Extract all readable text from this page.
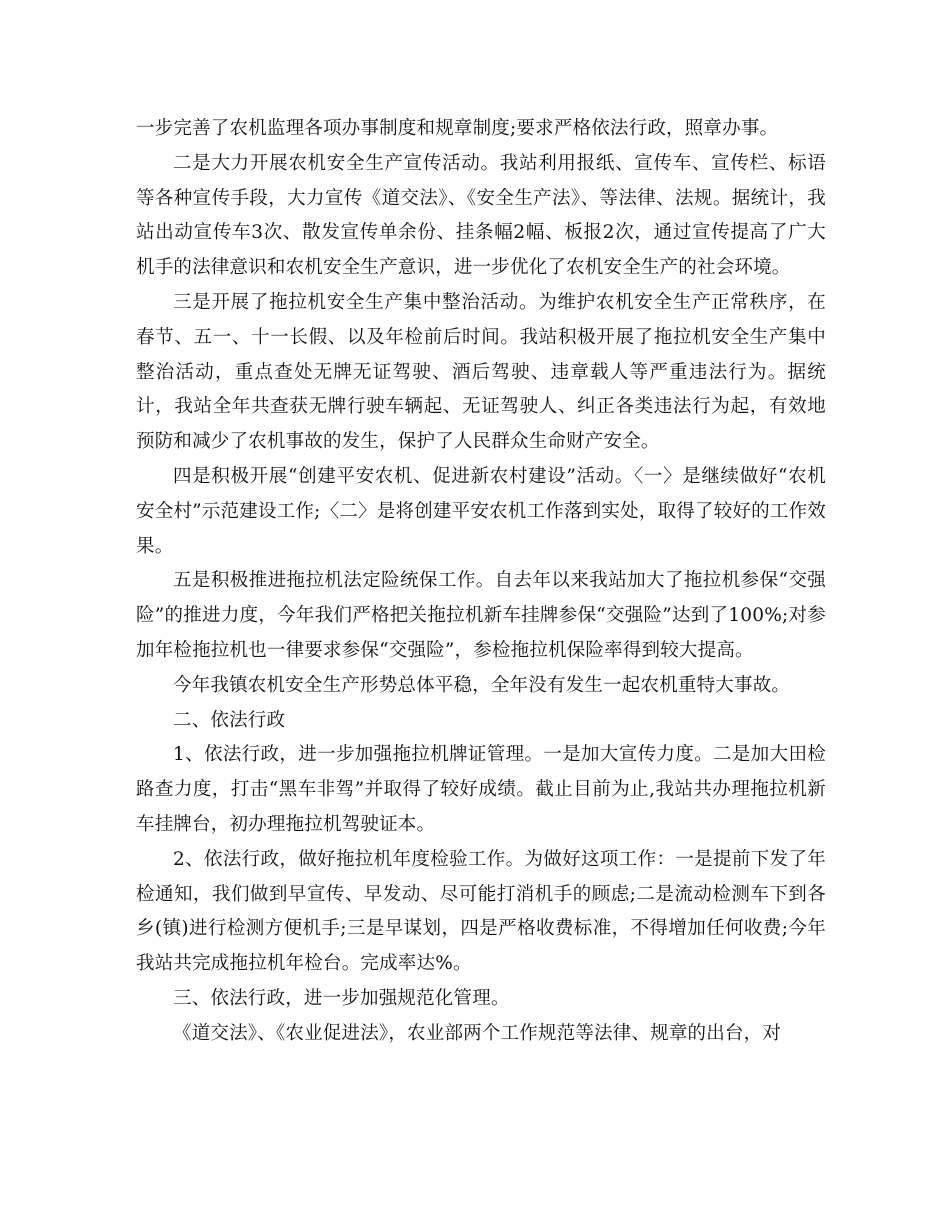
一步完善了农机监理各项办事制度和规章制度;要求严格依法行政，照章办事。

二是大力开展农机安全生产宣传活动。我站利用报纸、宣传车、宣传栏、标语等各种宣传手段，大力宣传《道交法》、《安全生产法》、等法律、法规。据统计，我站出动宣传车3次、散发宣传单余份、挂条幅2幅、板报2次，通过宣传提高了广大机手的法律意识和农机安全生产意识，进一步优化了农机安全生产的社会环境。

三是开展了拖拉机安全生产集中整治活动。为维护农机安全生产正常秩序，在春节、五一、十一长假、以及年检前后时间。我站积极开展了拖拉机安全生产集中整治活动，重点查处无牌无证驾驶、酒后驾驶、违章载人等严重违法行为。据统计，我站全年共查获无牌行驶车辆起、无证驾驶人、纠正各类违法行为起，有效地预防和减少了农机事故的发生，保护了人民群众生命财产安全。

四是积极开展“创建平安农机、促进新农村建设”活动。〈一〉是继续做好“农机安全村”示范建设工作;〈二〉是将创建平安农机工作落到实处，取得了较好的工作效果。

五是积极推进拖拉机法定险统保工作。自去年以来我站加大了拖拉机参保“交强险”的推进力度，今年我们严格把关拖拉机新车挂牌参保“交强险”达到了100%;对参加年检拖拉机也一律要求参保“交强险”，参检拖拉机保险率得到较大提高。

今年我镇农机安全生产形势总体平稳，全年没有发生一起农机重特大事故。

二、依法行政

1、依法行政，进一步加强拖拉机牌证管理。一是加大宣传力度。二是加大田检路查力度，打击“黑车非驾”并取得了较好成绩。截止目前为止,我站共办理拖拉机新车挂牌台，初办理拖拉机驾驶证本。

2、依法行政，做好拖拉机年度检验工作。为做好这项工作：一是提前下发了年检通知，我们做到早宣传、早发动、尽可能打消机手的顾虑;二是流动检测车下到各乡(镇)进行检测方便机手;三是早谋划，四是严格收费标准，不得增加任何收费;今年我站共完成拖拉机年检台。完成率达%。

三、依法行政，进一步加强规范化管理。

《道交法》、《农业促进法》，农业部两个工作规范等法律、规章的出台，对
